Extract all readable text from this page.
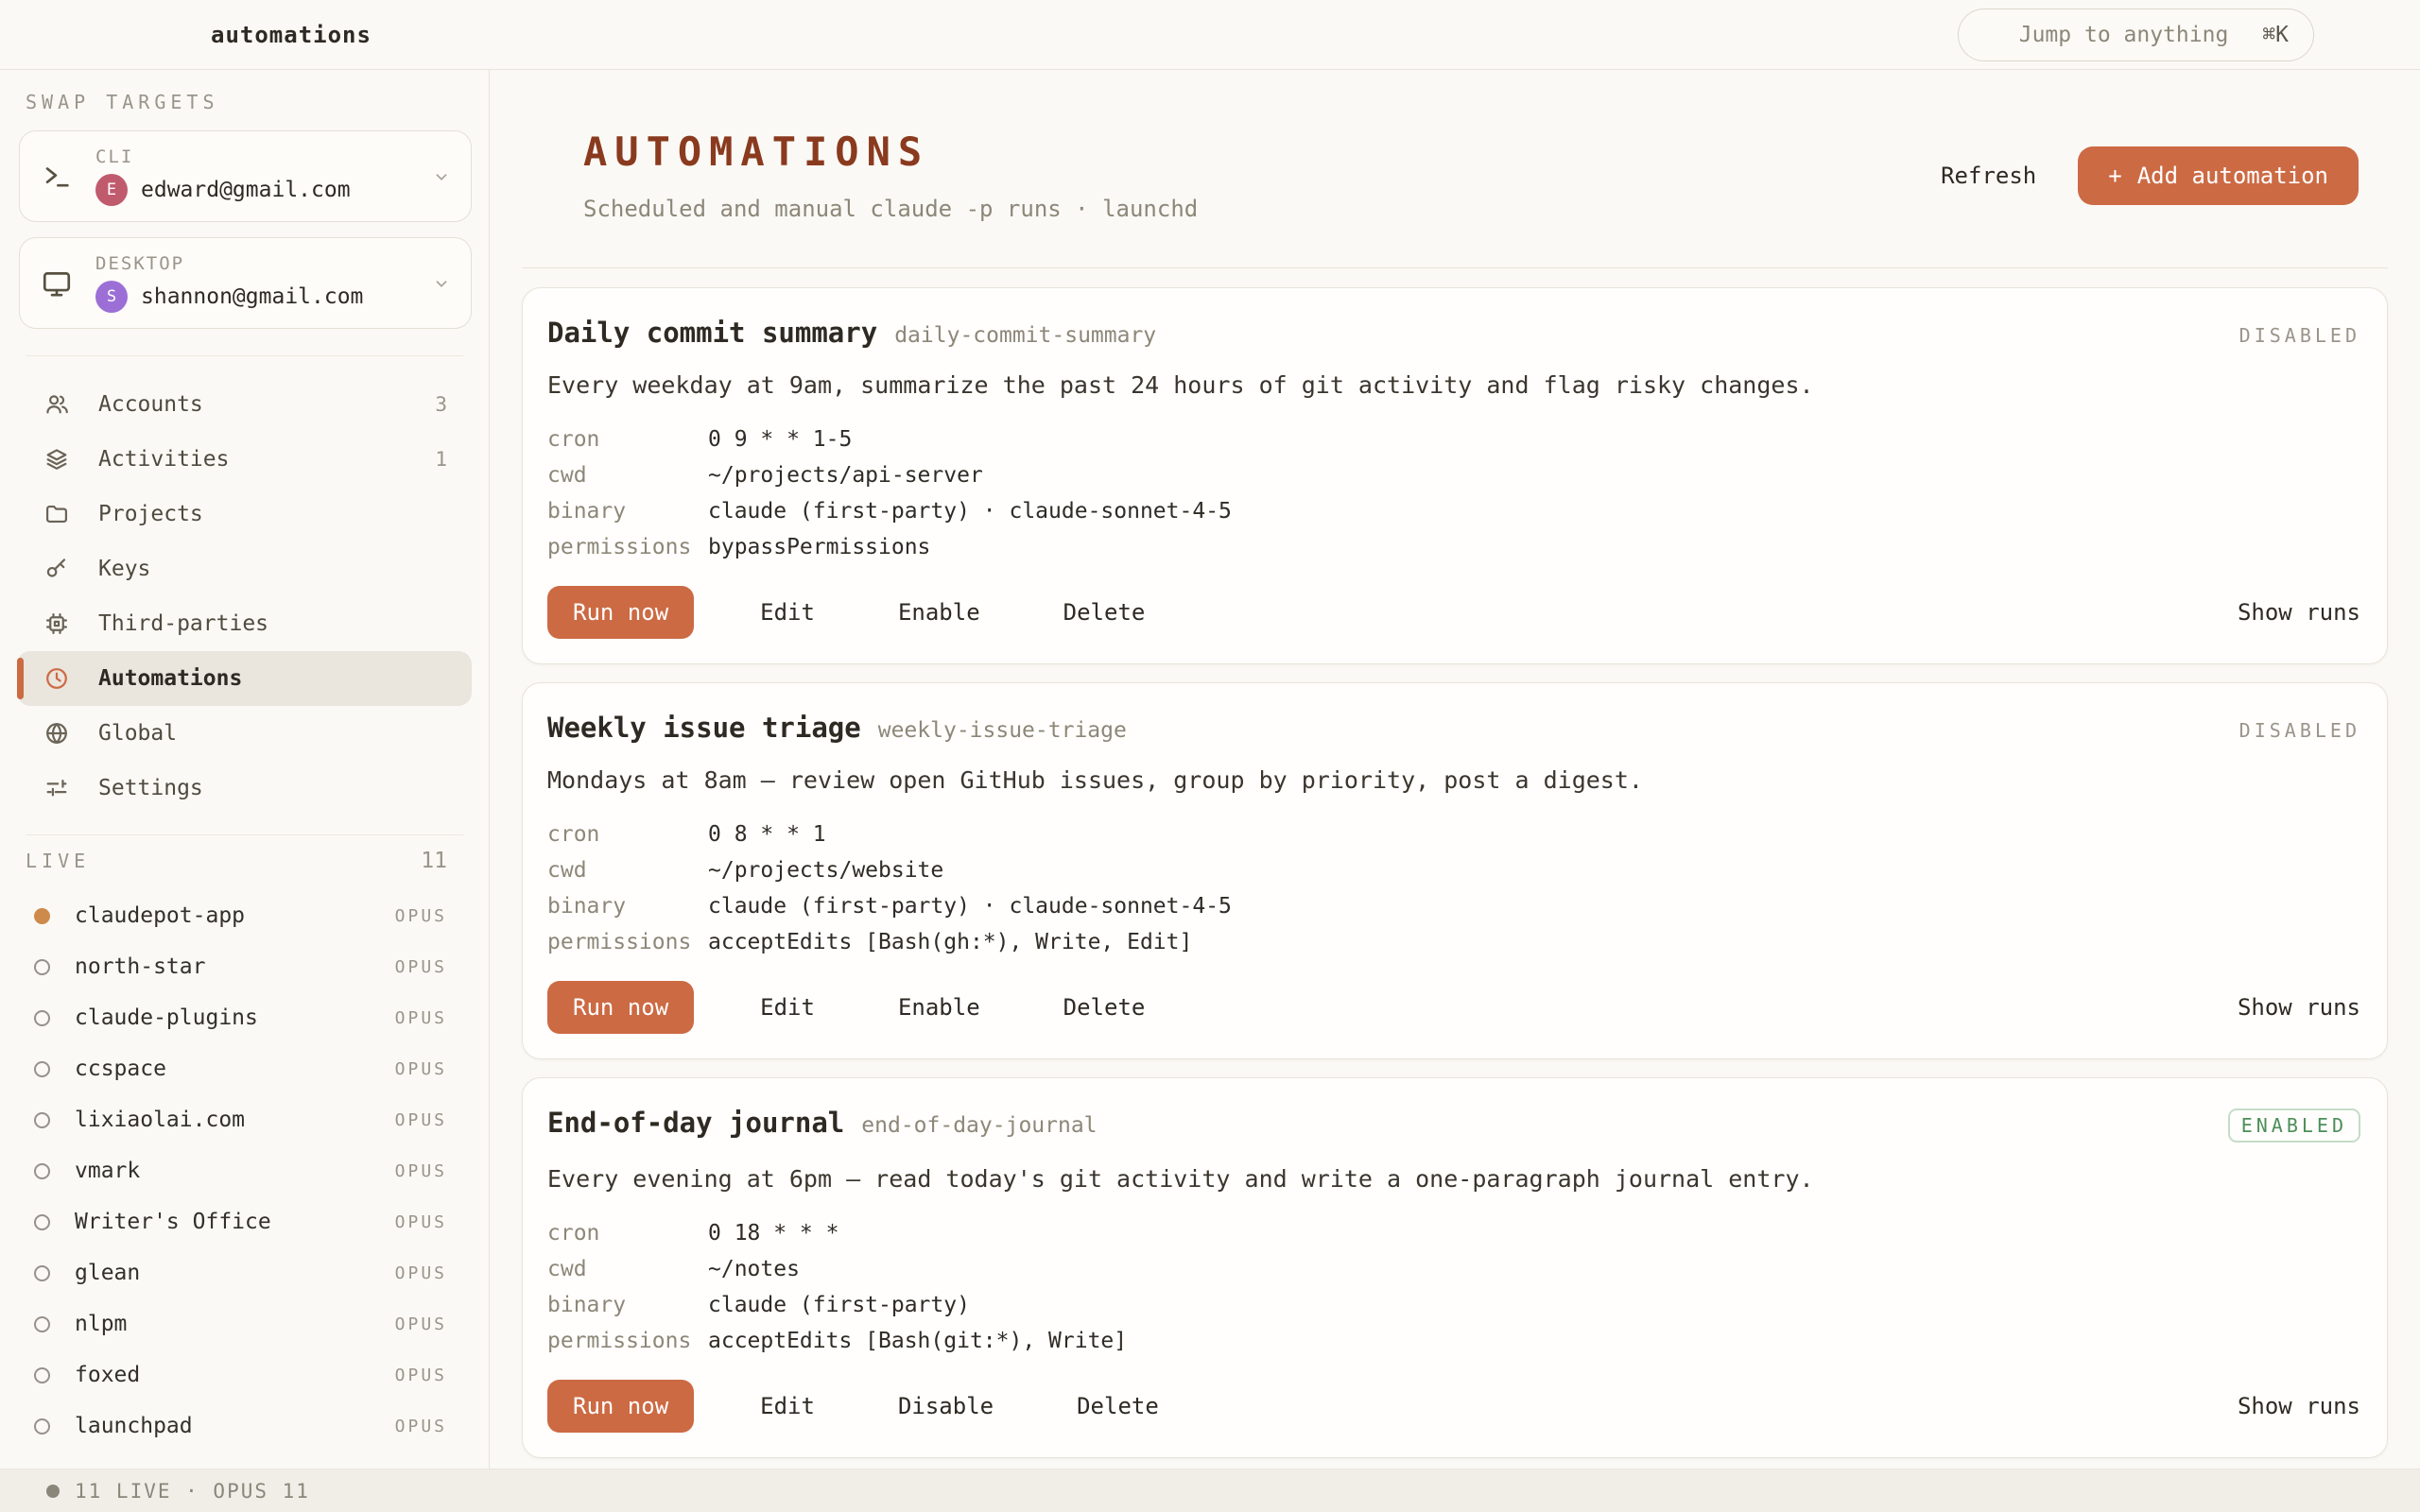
automations	Jump to anything ⌘K
SWAP TARGETS
CLI
E	edward@gmail.com
DESKTOP
S	shannon@gmail.com
Accounts	3
Activities	1
Projects
Keys
Third-parties
Automations
Global
Settings
LIVE	11
claudepot-app	OPUS
north-star	OPUS
claude-plugins	OPUS
ccspace	OPUS
lixiaolai.com	OPUS
vmark	OPUS
Writer's Office	OPUS
glean	OPUS
nlpm	OPUS
foxed	OPUS
launchpad	OPUS
AUTOMATIONS
Scheduled and manual claude -p runs · launchd
Refresh	+ Add automation
Daily commit summary daily-commit-summary	DISABLED
Every weekday at 9am, summarize the past 24 hours of git activity and flag risky changes.
cron	0 9 * * 1-5
cwd	~/projects/api-server
binary	claude (first-party) · claude-sonnet-4-5
permissions bypassPermissions
Run now	Edit	Enable	Delete	Show runs
Weekly issue triage weekly-issue-triage	DISABLED
Mondays at 8am — review open GitHub issues, group by priority, post a digest.
cron	0 8 * * 1
cwd	~/projects/website
binary	claude (first-party) · claude-sonnet-4-5
permissions acceptEdits [Bash(gh:*), Write, Edit]
Run now	Edit	Enable	Delete	Show runs
End-of-day journal end-of-day-journal	ENABLED
Every evening at 6pm — read today's git activity and write a one-paragraph journal entry.
cron	0 18 * * *
cwd	~/notes
binary	claude (first-party)
permissions acceptEdits [Bash(git:*), Write]
Run now	Edit	Disable	Delete	Show runs
11 LIVE · OPUS 11
